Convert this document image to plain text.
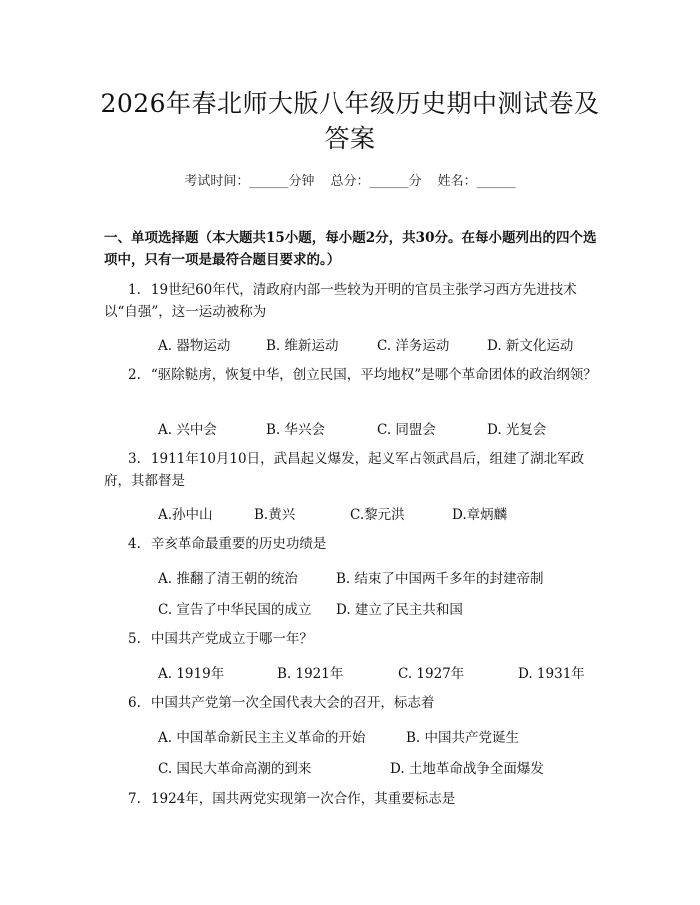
2026年春北师大版八年级历史期中测试卷及
答案
考试时间：______分钟 总分：______分 姓名：______
一、单项选择题（本大题共15小题，每小题2分，共30分。在每小题列出的四个选项中，只有一项是最符合题目要求的。）
1. 19世纪60年代，清政府内部一些较为开明的官员主张学习西方先进技术以“自强”，这一运动被称为
A. 器物运动	B. 维新运动	C. 洋务运动	D. 新文化运动
2. “驱除鞑虏，恢复中华，创立民国，平均地权”是哪个革命团体的政治纲领？
A. 兴中会	B. 华兴会	C. 同盟会	D. 光复会
3. 1911年10月10日，武昌起义爆发，起义军占领武昌后，组建了湖北军政府，其都督是
A.孙中山	B.黄兴	C.黎元洪	D.章炳麟
4. 辛亥革命最重要的历史功绩是
A. 推翻了清王朝的统治	B. 结束了中国两千多年的封建帝制
C. 宣告了中华民国的成立 D. 建立了民主共和国
5. 中国共产党成立于哪一年？
A. 1919年	B. 1921年	C. 1927年	D. 1931年
6. 中国共产党第一次全国代表大会的召开，标志着
A. 中国革命新民主主义革命的开始	B. 中国共产党诞生
C. 国民大革命高潮的到来	D. 土地革命战争全面爆发
7. 1924年，国共两党实现第一次合作，其重要标志是
